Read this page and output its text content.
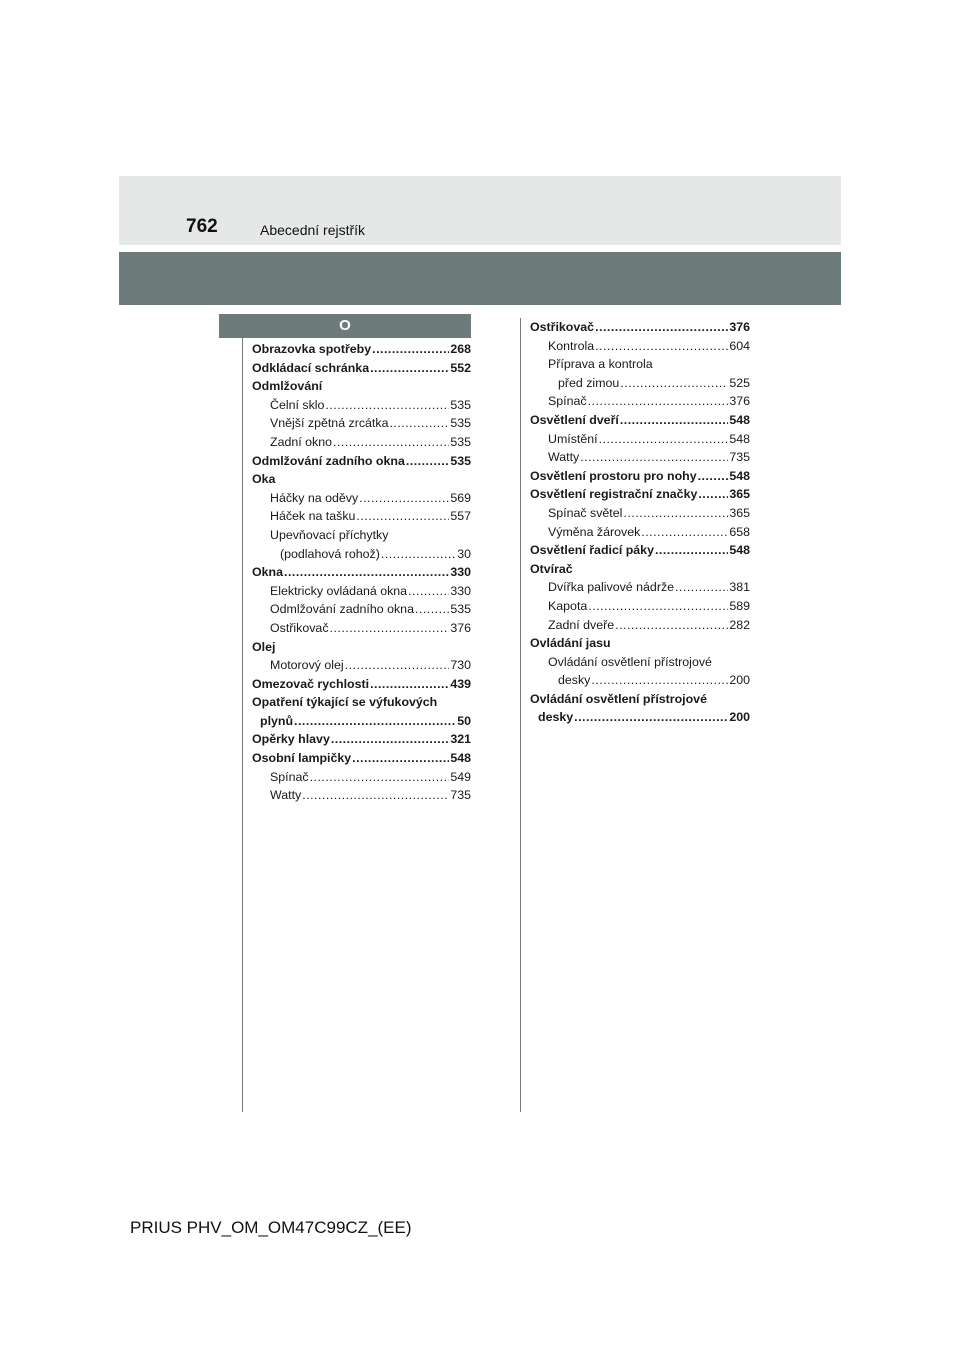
762	Abecední rejstřík
O
Obrazovka spotřeby .....	268
Odkládací schránka .....	552
Odmlžování
Čelní sklo .....	535
Vnější zpětná zrcátka .....	535
Zadní okno .....	535
Odmlžování zadního okna .....	535
Oka
Háčky na oděvy .....	569
Háček na tašku .....	557
Upevňovací příchytky
(podlahová rohož) .....	30
Okna .....	330
Elektricky ovládaná okna .....	330
Odmlžování zadního okna .....	535
Ostřikovač .....	376
Olej
Motorový olej .....	730
Omezovač rychlosti .....	439
Opatření týkající se výfukových
plynů .....	50
Opěrky hlavy .....	321
Osobní lampičky .....	548
Spínač .....	549
Watty .....	735
Ostřikovač .....	376
Kontrola .....	604
Příprava a kontrola
před zimou .....	525
Spínač .....	376
Osvětlení dveří .....	548
Umístění .....	548
Watty .....	735
Osvětlení prostoru pro nohy .....	548
Osvětlení registrační značky .....	365
Spínač světel .....	365
Výměna žárovek .....	658
Osvětlení řadicí páky .....	548
Otvírač
Dvířka palivové nádrže .....	381
Kapota .....	589
Zadní dveře .....	282
Ovládání jasu
Ovládání osvětlení přístrojové
desky .....	200
Ovládání osvětlení přístrojové
desky .....	200
PRIUS PHV_OM_OM47C99CZ_(EE)
